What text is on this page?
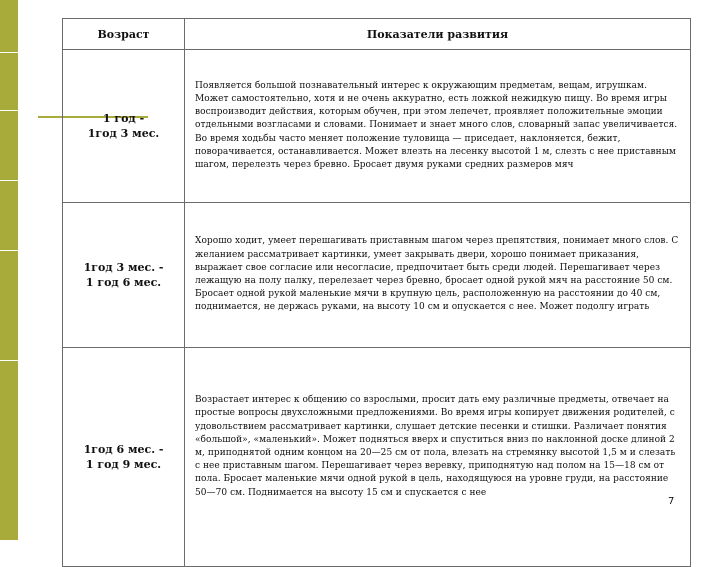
Возраст	Показатели развития

1 год -
1год 3 мес.	Появляется большой познавательный интерес к окружающим предметам, вещам, игрушкам. Может самостоятельно, хотя и не очень аккуратно, есть ложкой нежидкую пищу. Во время игры воспроизводит действия, которым обучен, при этом лепечет, проявляет положительные эмоции отдельными возгласами и словами. Понимает и знает много слов, словарный запас увеличивается. Во время ходьбы часто меняет положение туловища — приседает, наклоняется, бежит, поворачивается, останавливается. Может влезть на лесенку высотой 1 м, слезть с нее приставным шагом, перелезть через бревно. Бросает двумя руками средних размеров мяч

1год 3 мес. -
1 год 6 мес.	Хорошо ходит, умеет перешагивать приставным шагом через препятствия, понимает много слов. С желанием рассматривает картинки, умеет закрывать двери, хорошо понимает приказания, выражает свое согласие или несогласие, предпочитает быть среди людей. Перешагивает через лежащую на полу палку, перелезает через бревно, бросает одной рукой мяч на расстояние 50 см. Бросает одной рукой маленькие мячи в крупную цель, расположенную на расстоянии до 40 см, поднимается, не держась руками, на высоту 10 см и опускается с нее. Может подолгу играть

1год 6 мес. -
1 год 9 мес.	Возрастает интерес к общению со взрослыми, просит дать ему различные предметы, отвечает на простые вопросы двухсложными предложениями. Во время игры копирует движения родителей, с удовольствием рассматривает картинки, слушает детские песенки и стишки. Различает понятия «большой», «маленький». Может подняться вверх и спуститься вниз по наклонной доске длиной 2 м, приподнятой одним концом на 20—25 см от пола, влезать на стремянку высотой 1,5 м и слезать с нее приставным шагом. Перешагивает через веревку, приподнятую над полом на 15—18 см от пола. Бросает маленькие мячи одной рукой в цель, находящуюся на уровне груди, на расстояние 50—70 см. Поднимается на высоту 15 см и спускается с нее
7
